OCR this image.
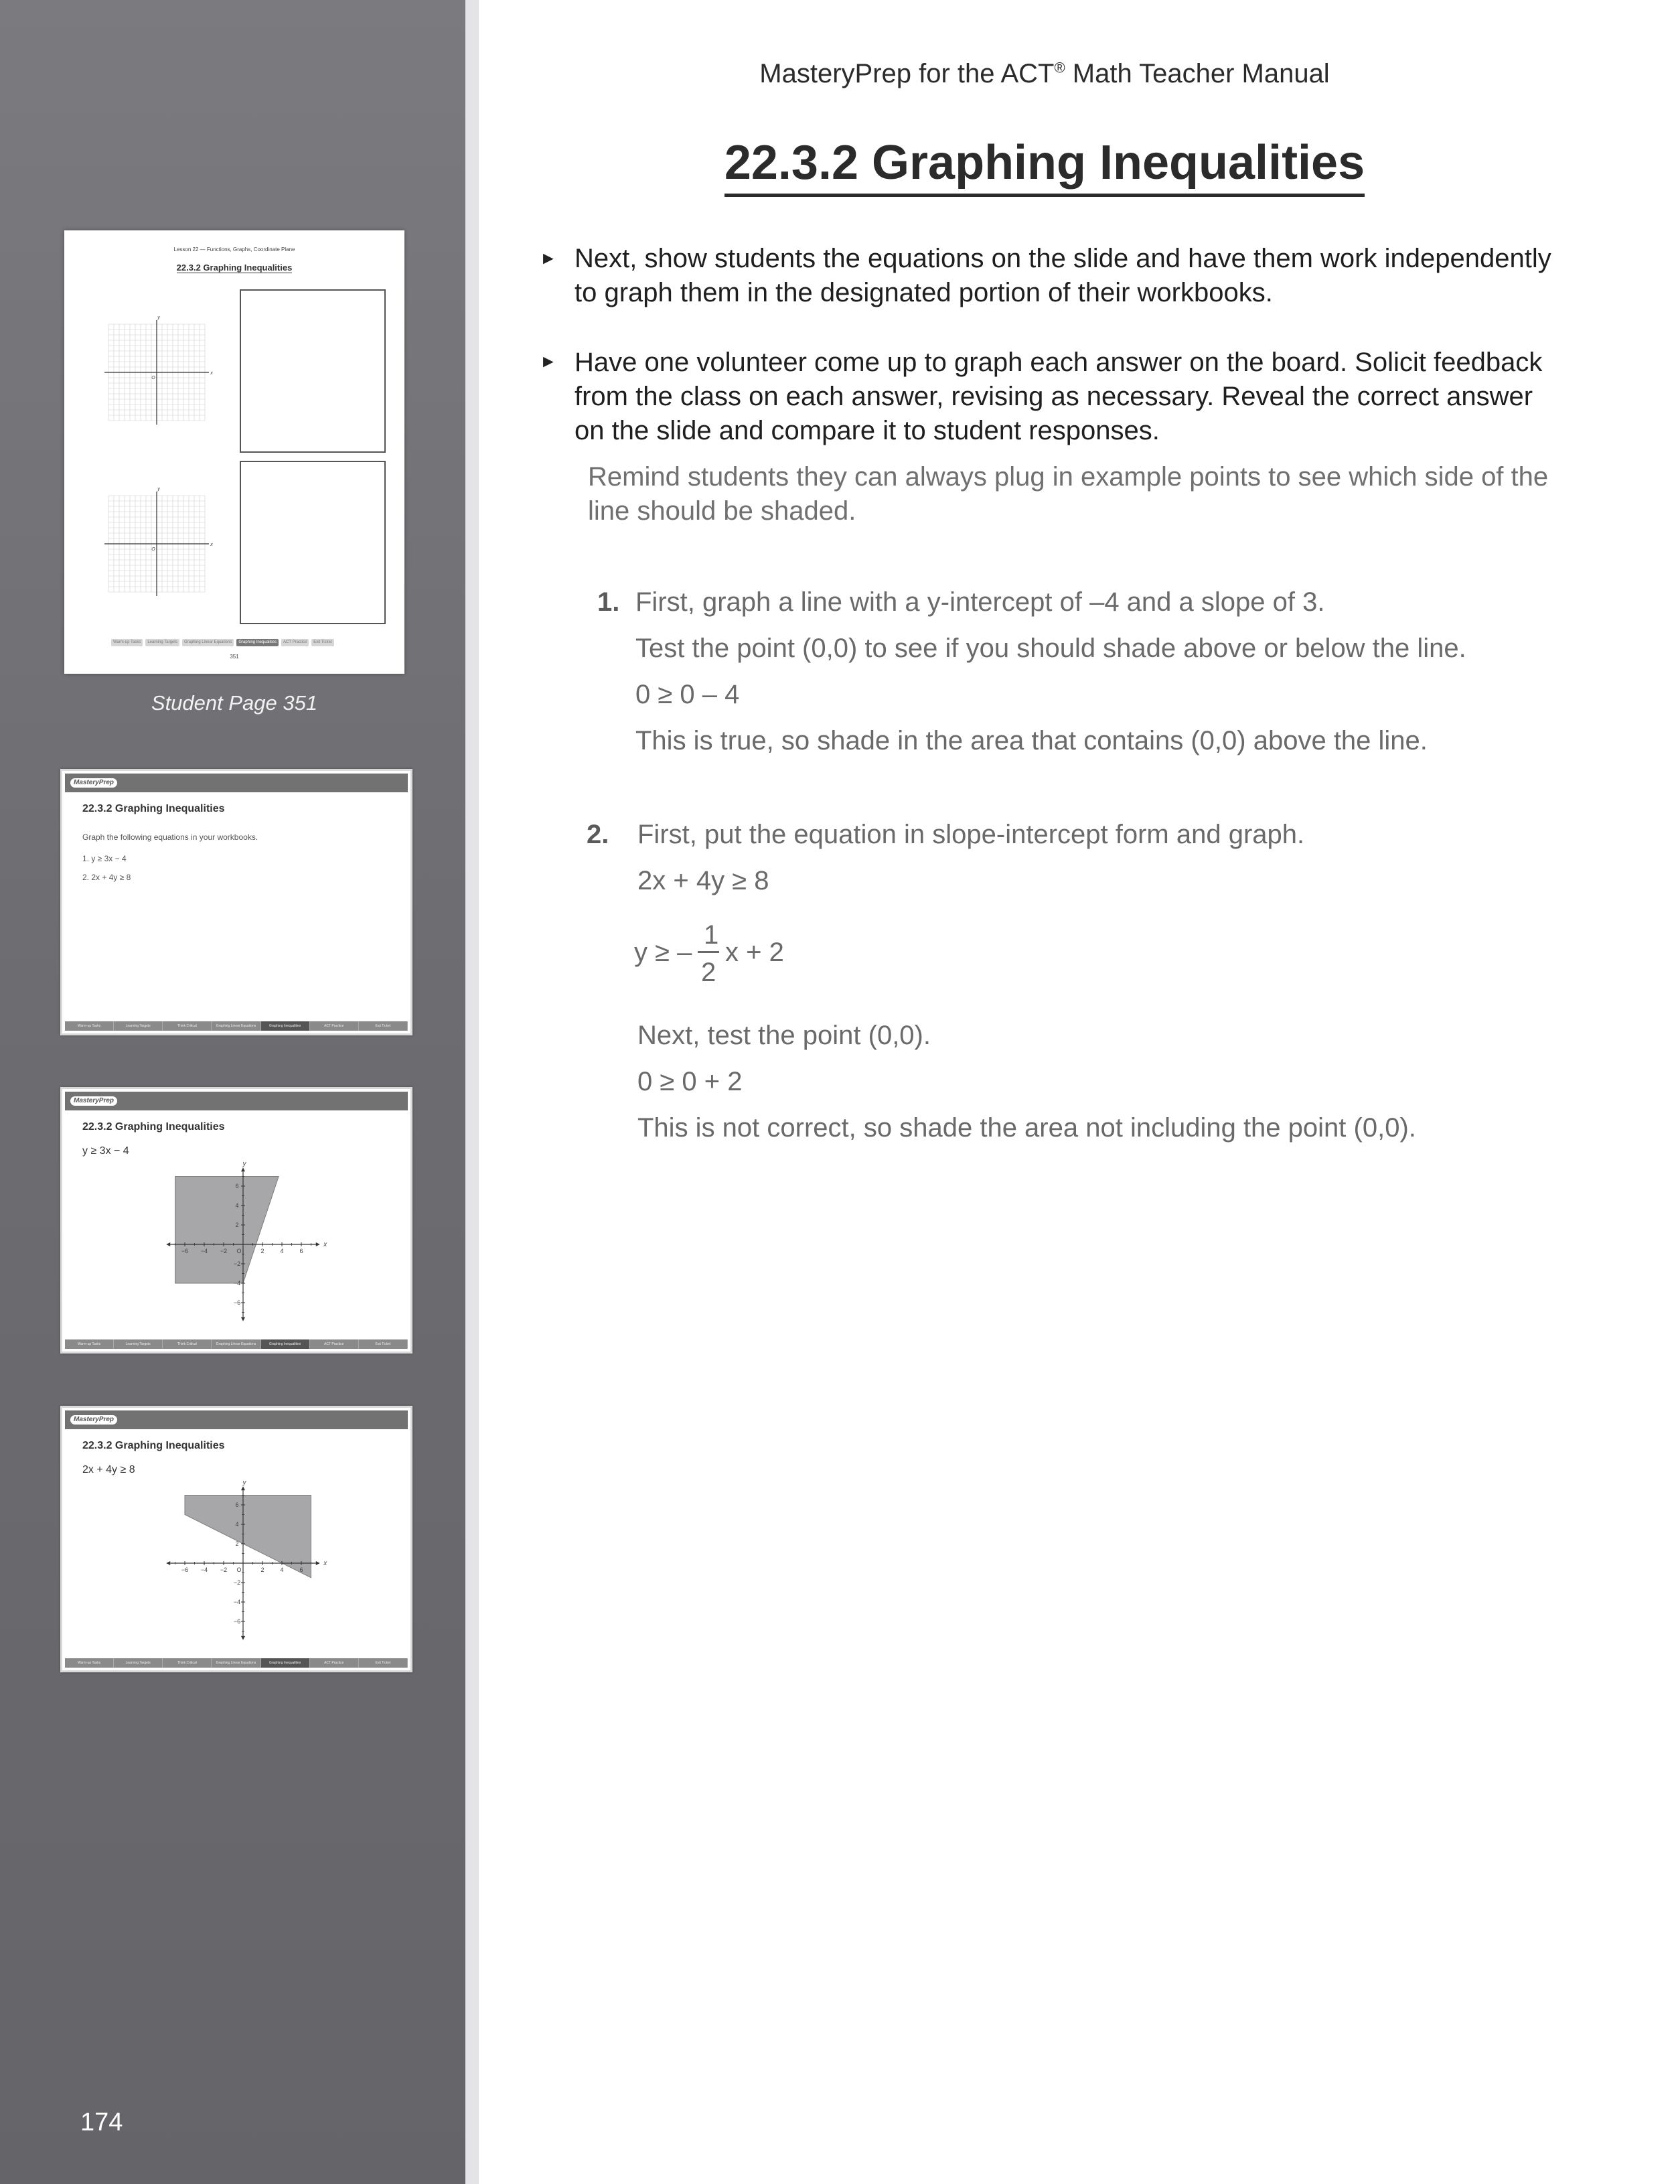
Lesson 22 — Functions, Graphs, Coordinate Plane
22.3.2 Graphing Inequalities
O
x
y
O
x
y
Warm-up Tasks	Learning Targets	Graphing Linear Equations	Graphing Inequalities	ACT Practice	Exit Ticket
351
Student Page 351
MasteryPrep
22.3.2 Graphing Inequalities
Graph the following equations in your workbooks.
1. y ≥ 3x − 4
2. 2x + 4y ≥ 8
Warm-up Tasks	Learning Targets	Think Critical	Graphing Linear Equations	Graphing Inequalities	ACT Practice	Exit Ticket
MasteryPrep
22.3.2 Graphing Inequalities
y ≥ 3x − 4
−6
−6
−4
−4
−2
−2
2
2
4
4
6
6
O
y
x
Warm-up Tasks	Learning Targets	Think Critical	Graphing Linear Equations	Graphing Inequalities	ACT Practice	Exit Ticket
MasteryPrep
22.3.2 Graphing Inequalities
2x + 4y ≥ 8
−6
−6
−4
−4
−2
−2
2
2
4
4
6
6
O
y
x
Warm-up Tasks	Learning Targets	Think Critical	Graphing Linear Equations	Graphing Inequalities	ACT Practice	Exit Ticket
174
MasteryPrep for the ACT® Math Teacher Manual
22.3.2 Graphing Inequalities
► Next, show students the equations on the slide and have them work independently to graph them in the designated portion of their workbooks.
► Have one volunteer come up to graph each answer on the board. Solicit feedback from the class on each answer, revising as necessary. Reveal the correct answer on the slide and compare it to student responses.
Remind students they can always plug in example points to see which side of the line should be shaded.
1. First, graph a line with a y-intercept of –4 and a slope of 3.
Test the point (0,0) to see if you should shade above or below the line.
0 ≥ 0 – 4
This is true, so shade in the area that contains (0,0) above the line.
2. First, put the equation in slope-intercept form and graph.
2x + 4y ≥ 8
y ≥ –
1
2
x + 2
Next, test the point (0,0).
0 ≥ 0 + 2
This is not correct, so shade the area not including the point (0,0).
